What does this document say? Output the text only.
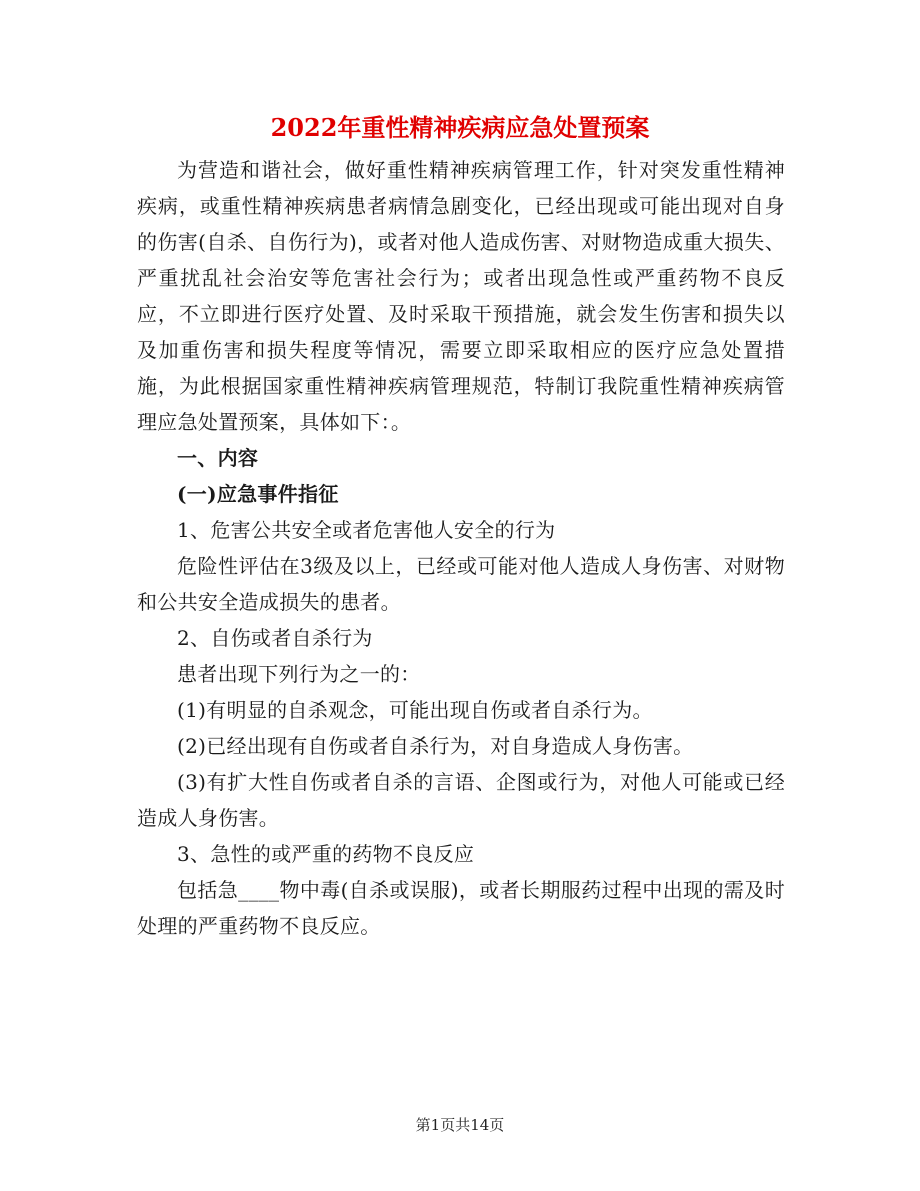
2022年重性精神疾病应急处置预案

为营造和谐社会，做好重性精神疾病管理工作，针对突发重性精神疾病，或重性精神疾病患者病情急剧变化，已经出现或可能出现对自身的伤害(自杀、自伤行为)，或者对他人造成伤害、对财物造成重大损失、严重扰乱社会治安等危害社会行为；或者出现急性或严重药物不良反应，不立即进行医疗处置、及时采取干预措施，就会发生伤害和损失以及加重伤害和损失程度等情况，需要立即采取相应的医疗应急处置措施，为此根据国家重性精神疾病管理规范，特制订我院重性精神疾病管理应急处置预案，具体如下：。

一、内容

(一)应急事件指征

1、危害公共安全或者危害他人安全的行为

危险性评估在3级及以上，已经或可能对他人造成人身伤害、对财物和公共安全造成损失的患者。

2、自伤或者自杀行为

患者出现下列行为之一的：

(1)有明显的自杀观念，可能出现自伤或者自杀行为。

(2)已经出现有自伤或者自杀行为，对自身造成人身伤害。

(3)有扩大性自伤或者自杀的言语、企图或行为，对他人可能或已经造成人身伤害。

3、急性的或严重的药物不良反应

包括急____物中毒(自杀或误服)，或者长期服药过程中出现的需及时处理的严重药物不良反应。

第1页共14页
